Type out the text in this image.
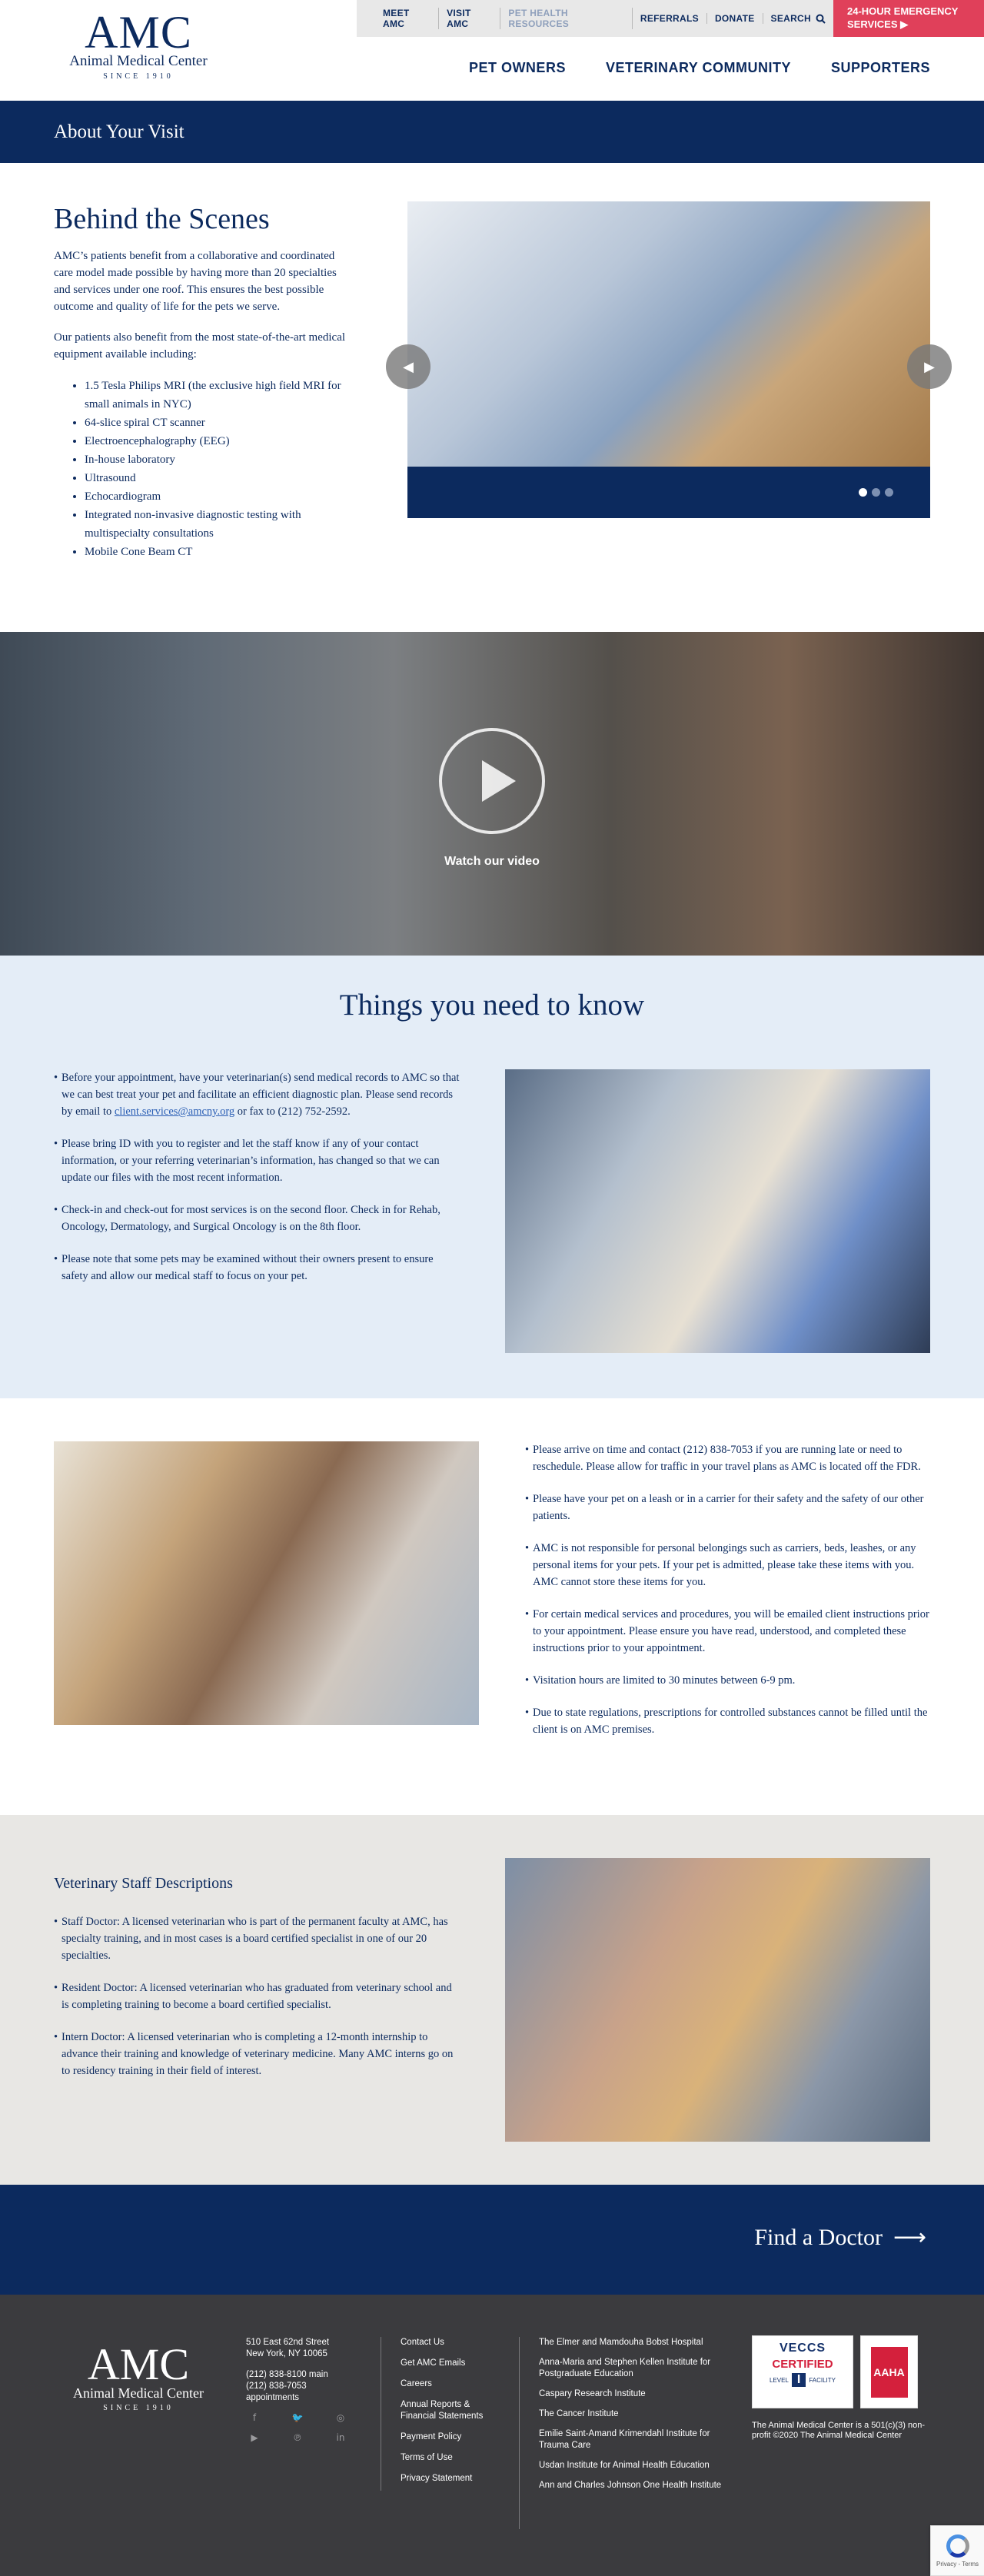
AMC
Animal Medical Center
SINCE 1910
MEET AMC
VISIT AMC
PET HEALTH RESOURCES	REFERRALS	DONATE	SEARCH
24-HOUR EMERGENCY SERVICES ▶
PET OWNERS	VETERINARY COMMUNITY	SUPPORTERS
About Your Visit
Behind the Scenes

AMC’s patients benefit from a collaborative and coordinated care model made possible by having more than 20 specialties and services under one roof. This ensures the best possible outcome and quality of life for the pets we serve.

Our patients also benefit from the most state-of-the-art medical equipment available including:

• 1.5 Tesla Philips MRI (the exclusive high field MRI for small animals in NYC)
• 64-slice spiral CT scanner
• Electroencephalography (EEG)
• In-house laboratory
• Ultrasound
• Echocardiogram
• Integrated non-invasive diagnostic testing with multispecialty consultations
• Mobile Cone Beam CT
◀	▶
Watch our video
Things you need to know
• Before your appointment, have your veterinarian(s) send medical records to AMC so that we can best treat your pet and facilitate an efficient diagnostic plan. Please send records by email to client.services@amcny.org or fax to (212) 752-2592.
• Please bring ID with you to register and let the staff know if any of your contact information, or your referring veterinarian’s information, has changed so that we can update our files with the most recent information.
• Check-in and check-out for most services is on the second floor. Check in for Rehab, Oncology, Dermatology, and Surgical Oncology is on the 8th floor.
• Please note that some pets may be examined without their owners present to ensure safety and allow our medical staff to focus on your pet.
• Please arrive on time and contact (212) 838-7053 if you are running late or need to reschedule. Please allow for traffic in your travel plans as AMC is located off the FDR.
• Please have your pet on a leash or in a carrier for their safety and the safety of our other patients.
• AMC is not responsible for personal belongings such as carriers, beds, leashes, or any personal items for your pets. If your pet is admitted, please take these items with you. AMC cannot store these items for you.
• For certain medical services and procedures, you will be emailed client instructions prior to your appointment. Please ensure you have read, understood, and completed these instructions prior to your appointment.
• Visitation hours are limited to 30 minutes between 6-9 pm.
• Due to state regulations, prescriptions for controlled substances cannot be filled until the client is on AMC premises.
Veterinary Staff Descriptions
• Staff Doctor: A licensed veterinarian who is part of the permanent faculty at AMC, has specialty training, and in most cases is a board certified specialist in one of our 20 specialties.
• Resident Doctor: A licensed veterinarian who has graduated from veterinary school and is completing training to become a board certified specialist.
• Intern Doctor: A licensed veterinarian who is completing a 12-month internship to advance their training and knowledge of veterinary medicine. Many AMC interns go on to residency training in their field of interest.
Find a Doctor ⟶
AMC
Animal Medical Center
SINCE 1910
510 East 62nd Street
New York, NY 10065
(212) 838-8100 main
(212) 838-7053 appointments
f	🐦	◎
▶	℗	in
Contact Us
Get AMC Emails
Careers
Annual Reports & Financial Statements
Payment Policy
Terms of Use
Privacy Statement
The Elmer and Mamdouha Bobst Hospital
Anna-Maria and Stephen Kellen Institute for Postgraduate Education
Caspary Research Institute
The Cancer Institute
Emilie Saint-Amand Krimendahl Institute for Trauma Care
Usdan Institute for Animal Health Education
Ann and Charles Johnson One Health Institute
VECCS
CERTIFIED
LEVEL I	FACILITY
AAHA
The Animal Medical Center is a 501(c)(3) non-profit ©2020 The Animal Medical Center
Privacy - Terms
